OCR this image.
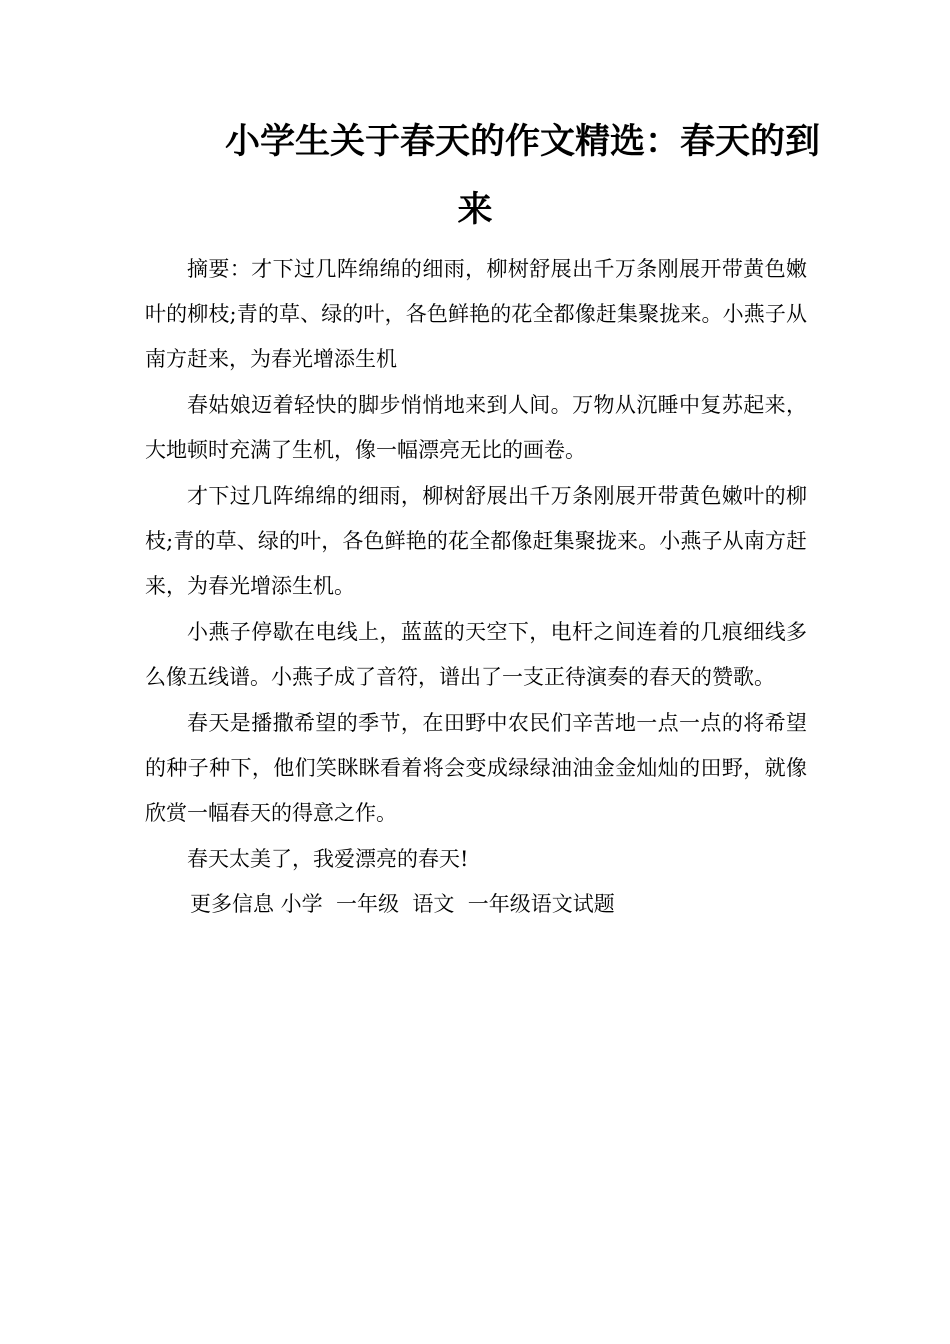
小学生关于春天的作文精选：春天的到
来

摘要：才下过几阵绵绵的细雨，柳树舒展出千万条刚展开带黄色嫩叶的柳枝;青的草、绿的叶，各色鲜艳的花全都像赶集聚拢来。小燕子从南方赶来，为春光增添生机

春姑娘迈着轻快的脚步悄悄地来到人间。万物从沉睡中复苏起来，大地顿时充满了生机，像一幅漂亮无比的画卷。

才下过几阵绵绵的细雨，柳树舒展出千万条刚展开带黄色嫩叶的柳枝;青的草、绿的叶，各色鲜艳的花全都像赶集聚拢来。小燕子从南方赶来，为春光增添生机。

小燕子停歇在电线上，蓝蓝的天空下，电杆之间连着的几痕细线多么像五线谱。小燕子成了音符，谱出了一支正待演奏的春天的赞歌。

春天是播撒希望的季节，在田野中农民们辛苦地一点一点的将希望的种子种下，他们笑眯眯看着将会变成绿绿油油金金灿灿的田野，就像欣赏一幅春天的得意之作。

春天太美了，我爱漂亮的春天!

更多信息 小学  一年级  语文  一年级语文试题
